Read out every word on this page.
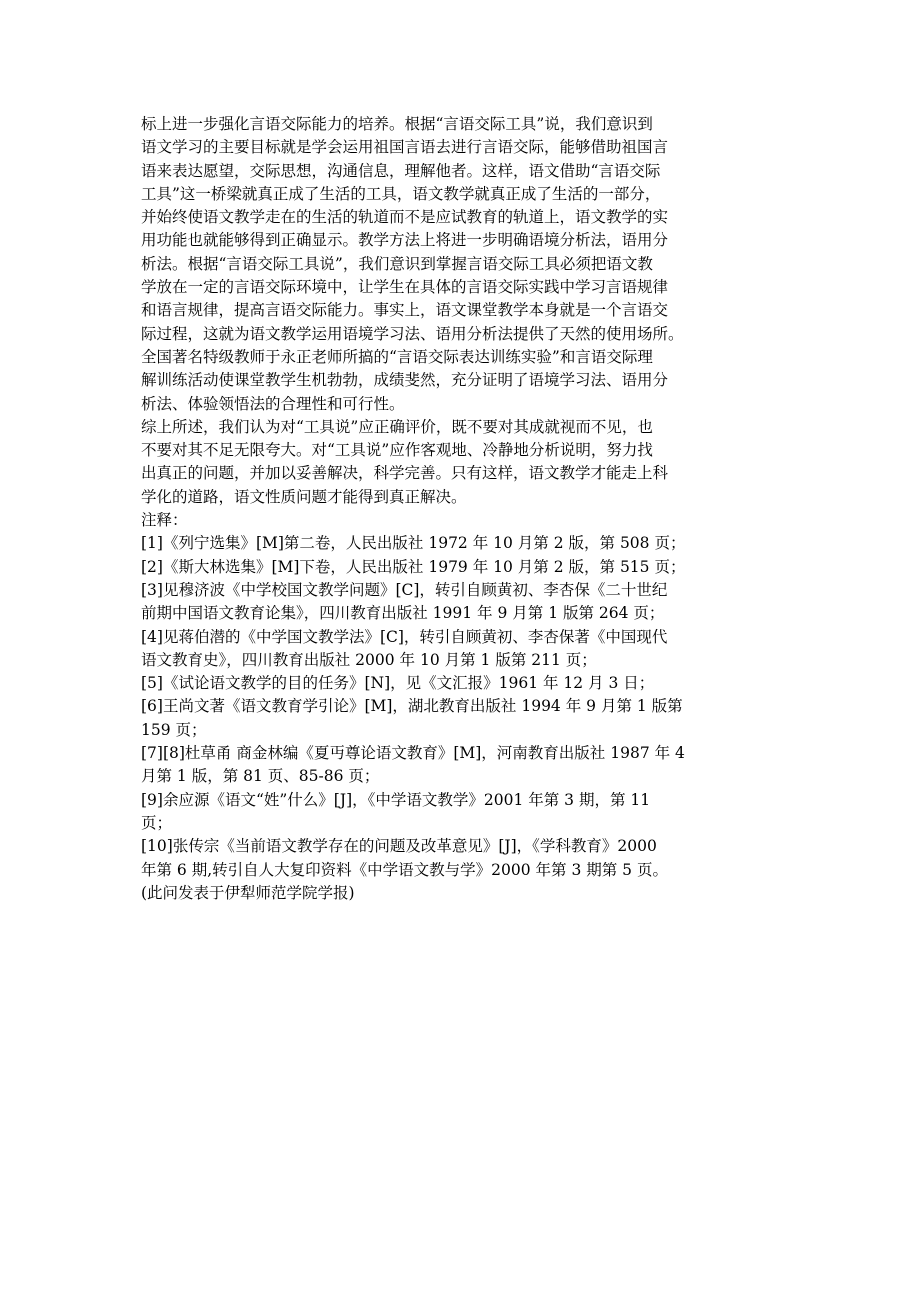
标上进一步强化言语交际能力的培养。根据“言语交际工具”说，我们意识到
语文学习的主要目标就是学会运用祖国言语去进行言语交际，能够借助祖国言
语来表达愿望，交际思想，沟通信息，理解他者。这样，语文借助“言语交际
工具”这一桥梁就真正成了生活的工具，语文教学就真正成了生活的一部分，
并始终使语文教学走在的生活的轨道而不是应试教育的轨道上，语文教学的实
用功能也就能够得到正确显示。教学方法上将进一步明确语境分析法，语用分
析法。根据“言语交际工具说”，我们意识到掌握言语交际工具必须把语文教
学放在一定的言语交际环境中，让学生在具体的言语交际实践中学习言语规律
和语言规律，提高言语交际能力。事实上，语文课堂教学本身就是一个言语交
际过程，这就为语文教学运用语境学习法、语用分析法提供了天然的使用场所。
全国著名特级教师于永正老师所搞的“言语交际表达训练实验”和言语交际理
解训练活动使课堂教学生机勃勃，成绩斐然，充分证明了语境学习法、语用分
析法、体验领悟法的合理性和可行性。
综上所述，我们认为对“工具说”应正确评价，既不要对其成就视而不见，也
不要对其不足无限夸大。对“工具说”应作客观地、冷静地分析说明，努力找
出真正的问题，并加以妥善解决，科学完善。只有这样，语文教学才能走上科
学化的道路，语文性质问题才能得到真正解决。
注释：
[1]《列宁选集》[M]第二卷，人民出版社 1972 年 10 月第 2 版，第 508 页；
[2]《斯大林选集》[M]下卷，人民出版社 1979 年 10 月第 2 版，第 515 页；
[3]见穆济波《中学校国文教学问题》[C]，转引自顾黄初、李杏保《二十世纪
前期中国语文教育论集》，四川教育出版社 1991 年 9 月第 1 版第 264 页；
[4]见蒋伯潜的《中学国文教学法》[C]，转引自顾黄初、李杏保著《中国现代
语文教育史》，四川教育出版社 2000 年 10 月第 1 版第 211 页；
[5]《试论语文教学的目的任务》[N]，见《文汇报》1961 年 12 月 3 日；
[6]王尚文著《语文教育学引论》[M]，湖北教育出版社 1994 年 9 月第 1 版第
159 页；
[7][8]杜草甬 商金林编《夏丏尊论语文教育》[M]，河南教育出版社 1987 年 4
月第 1 版，第 81 页、85-86 页；
[9]余应源《语文“姓”什么》[J]，《中学语文教学》2001 年第 3 期，第 11
页；
[10]张传宗《当前语文教学存在的问题及改革意见》[J]，《学科教育》2000
年第 6 期,转引自人大复印资料《中学语文教与学》2000 年第 3 期第 5 页。
(此问发表于伊犁师范学院学报)
